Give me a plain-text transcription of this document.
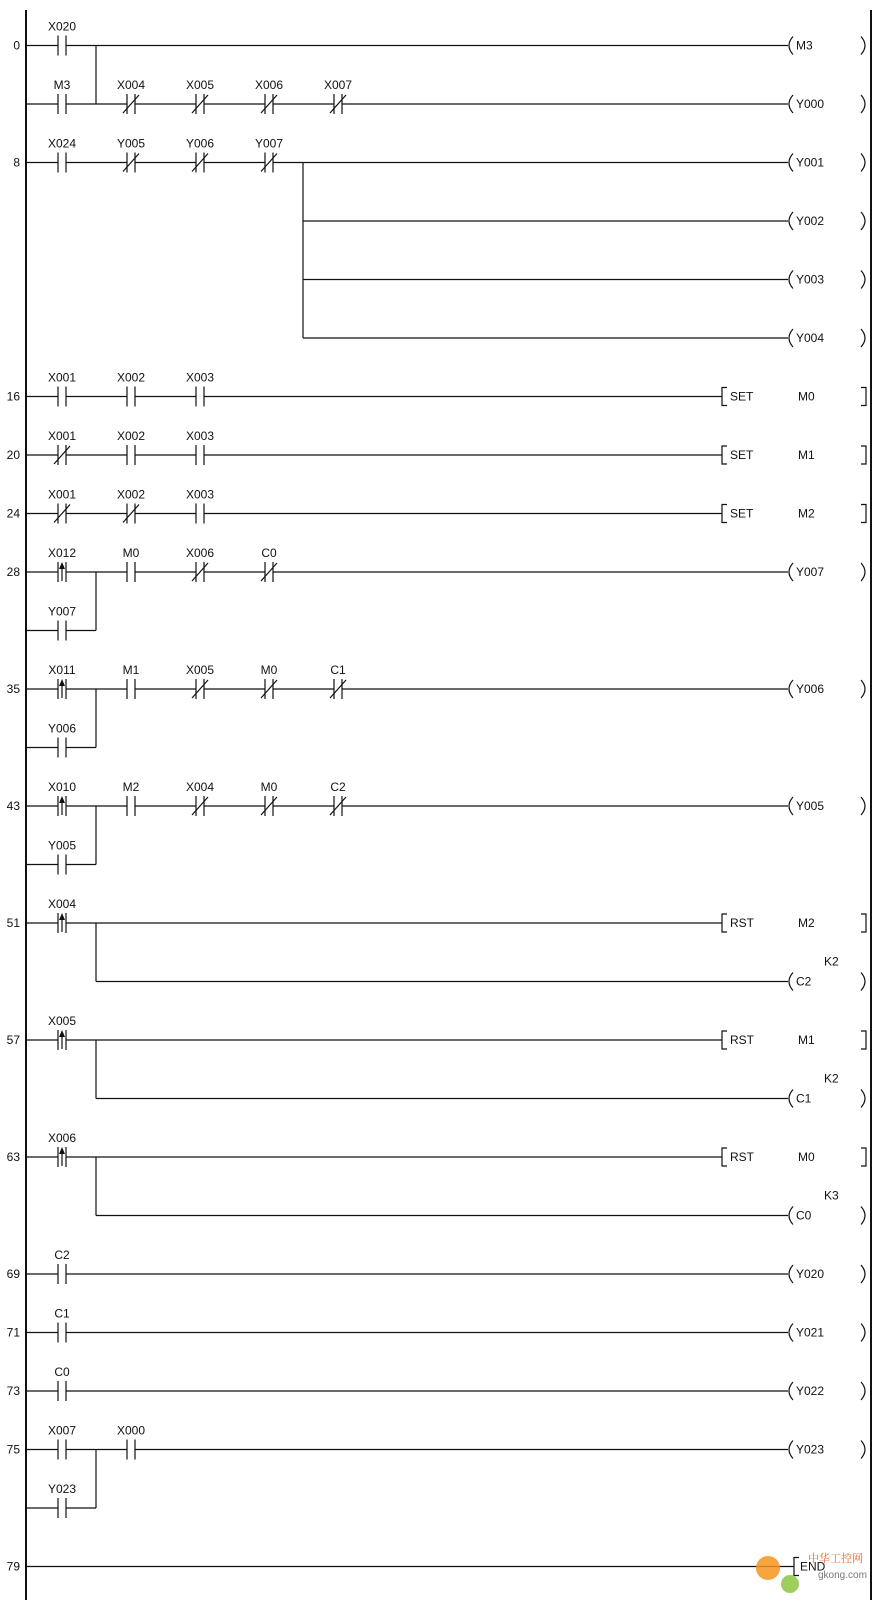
0
X020
M3
M3	X004	X005	X006	X007
Y000
8
X024	Y005	Y006	Y007
Y001
Y002
Y003
Y004
16
X001	X002	X003
SET	M0
20
X001	X002	X003
SET	M1
24
X001	X002	X003
SET	M2
28
X012	M0	X006	C0
Y007
Y007
35
X011	M1	X005	M0	C1
Y006
Y006
43
X010	M2	X004	M0	C2
Y005
Y005
51
X004
RST	M2
C2
K2
57
X005
RST	M1
C1
K2
63
X006
RST	M0
C0
K3
69
C2
Y020
71
C1
Y021
73
C0
Y022
75
X007	X000
Y023
Y023
79	END
中华工控网
gkong.com
